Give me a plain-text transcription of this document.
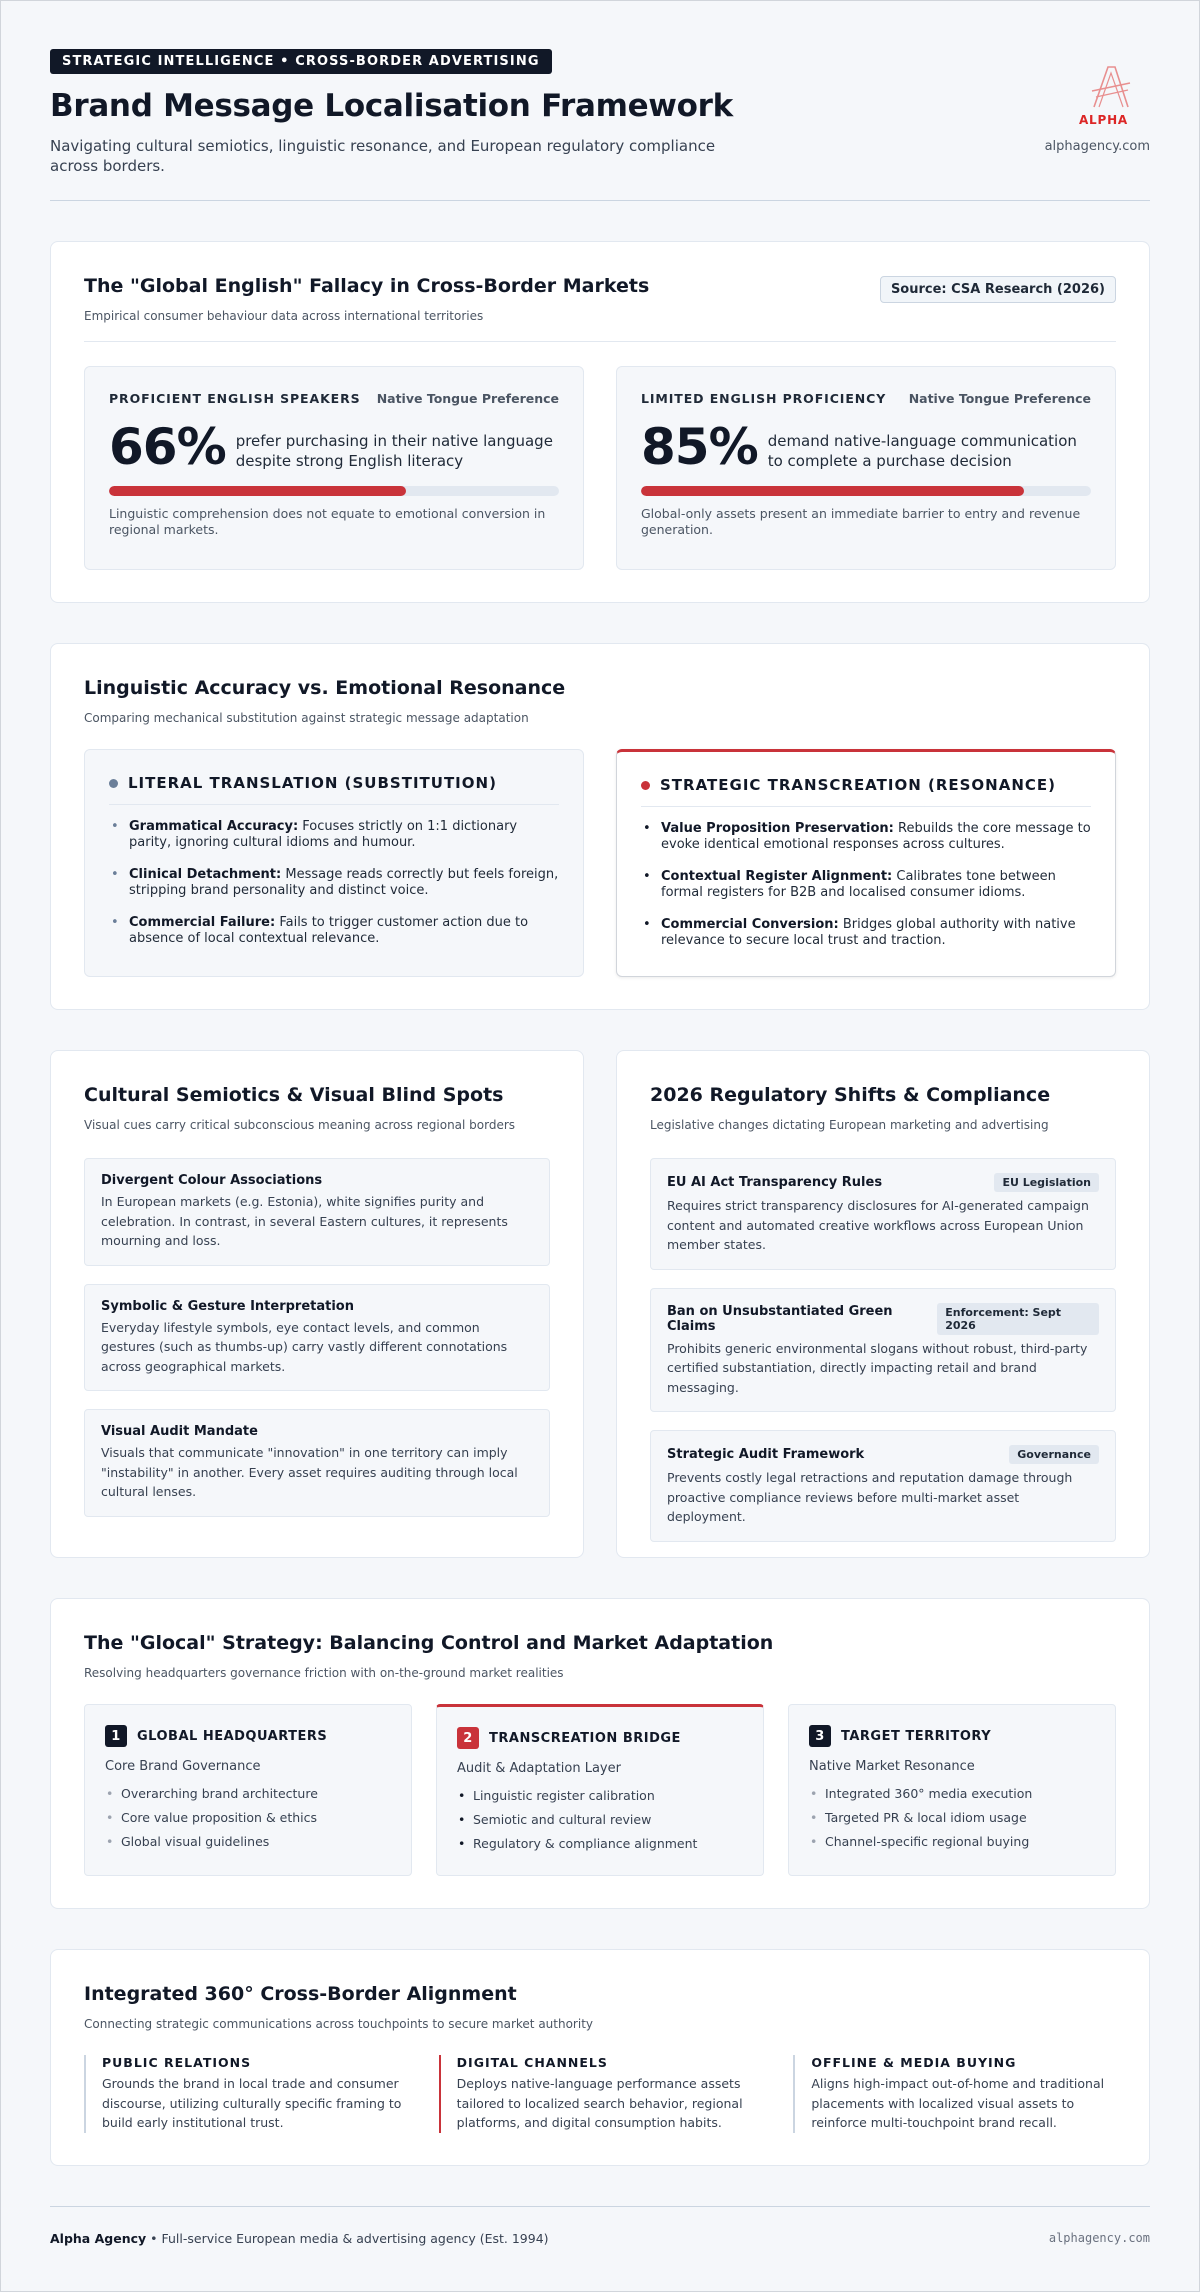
STRATEGIC INTELLIGENCE • CROSS-BORDER ADVERTISING
Brand Message Localisation Framework

Navigating cultural semiotics, linguistic resonance, and European regulatory compliance across borders.

ALPHA
alphagency.com
The "Global English" Fallacy in Cross-Border Markets

Empirical consumer behaviour data across international territories

Source: CSA Research (2026)
PROFICIENT ENGLISH SPEAKERS Native Tongue Preference
66% prefer purchasing in their native language despite strong English literacy

Linguistic comprehension does not equate to emotional conversion in regional markets.

LIMITED ENGLISH PROFICIENCY Native Tongue Preference
85% demand native-language communication to complete a purchase decision

Global-only assets present an immediate barrier to entry and revenue generation.

Linguistic Accuracy vs. Emotional Resonance

Comparing mechanical substitution against strategic message adaptation

LITERAL TRANSLATION (SUBSTITUTION)
• Grammatical Accuracy: Focuses strictly on 1:1 dictionary parity, ignoring cultural idioms and humour.
• Clinical Detachment: Message reads correctly but feels foreign, stripping brand personality and distinct voice.
• Commercial Failure: Fails to trigger customer action due to absence of local contextual relevance.
STRATEGIC TRANSCREATION (RESONANCE)
• Value Proposition Preservation: Rebuilds the core message to evoke identical emotional responses across cultures.
• Contextual Register Alignment: Calibrates tone between formal registers for B2B and localised consumer idioms.
• Commercial Conversion: Bridges global authority with native relevance to secure local trust and traction.
Cultural Semiotics & Visual Blind Spots

Visual cues carry critical subconscious meaning across regional borders

Divergent Colour Associations

In European markets (e.g. Estonia), white signifies purity and celebration. In contrast, in several Eastern cultures, it represents mourning and loss.

Symbolic & Gesture Interpretation

Everyday lifestyle symbols, eye contact levels, and common gestures (such as thumbs-up) carry vastly different connotations across geographical markets.

Visual Audit Mandate

Visuals that communicate "innovation" in one territory can imply "instability" in another. Every asset requires auditing through local cultural lenses.

2026 Regulatory Shifts & Compliance

Legislative changes dictating European marketing and advertising

EU AI Act Transparency Rules	EU Legislation

Requires strict transparency disclosures for AI-generated campaign content and automated creative workflows across European Union member states.

Ban on Unsubstantiated Green Claims
Enforcement: Sept 2026

Prohibits generic environmental slogans without robust, third-party certified substantiation, directly impacting retail and brand messaging.

Strategic Audit Framework	Governance

Prevents costly legal retractions and reputation damage through proactive compliance reviews before multi-market asset deployment.

The "Glocal" Strategy: Balancing Control and Market Adaptation

Resolving headquarters governance friction with on-the-ground market realities

1	GLOBAL HEADQUARTERS
Core Brand Governance
• Overarching brand architecture
• Core value proposition & ethics
• Global visual guidelines
2	TRANSCREATION BRIDGE
Audit & Adaptation Layer
• Linguistic register calibration
• Semiotic and cultural review
• Regulatory & compliance alignment
3	TARGET TERRITORY
Native Market Resonance
• Integrated 360° media execution
• Targeted PR & local idiom usage
• Channel-specific regional buying
Integrated 360° Cross-Border Alignment

Connecting strategic communications across touchpoints to secure market authority

PUBLIC RELATIONS

Grounds the brand in local trade and consumer discourse, utilizing culturally specific framing to build early institutional trust.

DIGITAL CHANNELS

Deploys native-language performance assets tailored to localized search behavior, regional platforms, and digital consumption habits.

OFFLINE & MEDIA BUYING

Aligns high-impact out-of-home and traditional placements with localized visual assets to reinforce multi-touchpoint brand recall.

Alpha Agency • Full-service European media & advertising agency (Est. 1994)	alphagency.com
